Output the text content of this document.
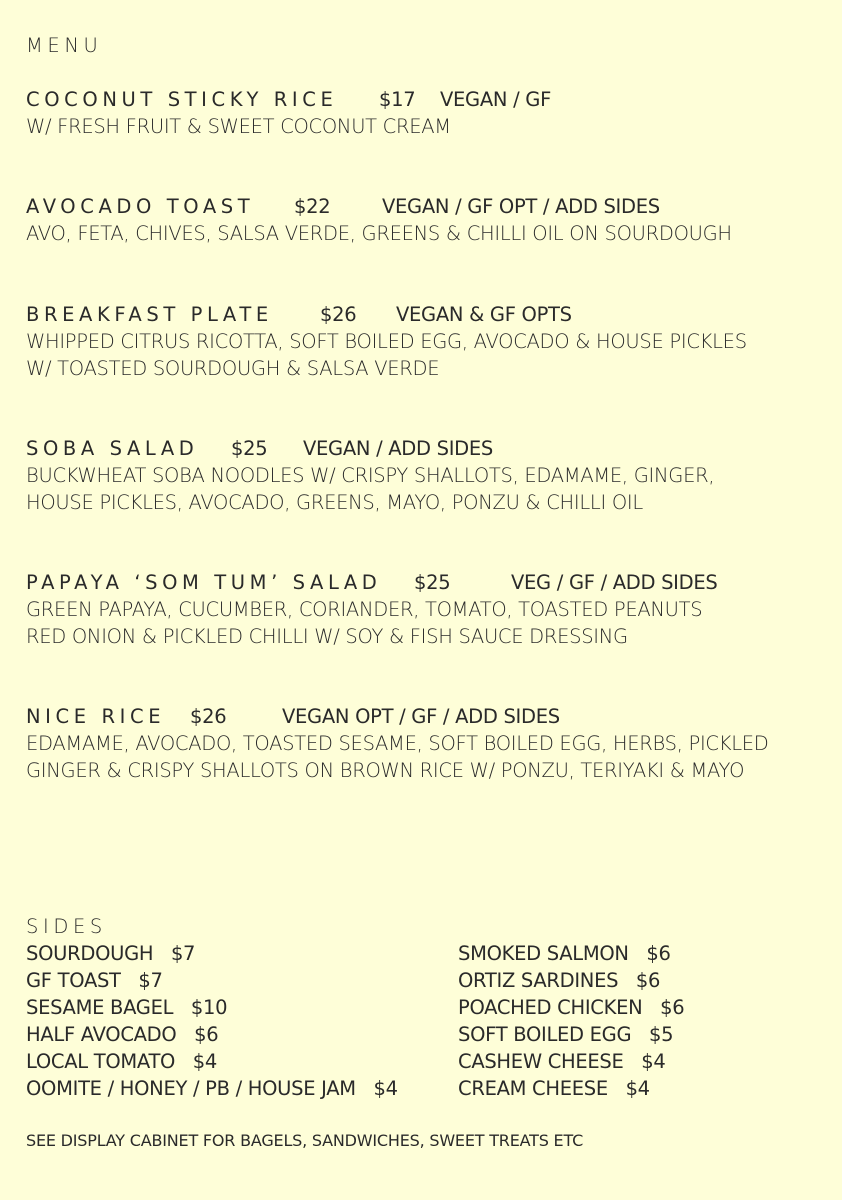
MENU
COCONUT STICKY RICE $17 VEGAN / GF
W/ FRESH FRUIT & SWEET COCONUT CREAM
AVOCADO TOAST $22	VEGAN / GF OPT / ADD SIDES
AVO, FETA, CHIVES, SALSA VERDE, GREENS & CHILLI OIL ON SOURDOUGH
BREAKFAST PLATE $26 VEGAN & GF OPTS
WHIPPED CITRUS RICOTTA, SOFT BOILED EGG, AVOCADO & HOUSE PICKLES
W/ TOASTED SOURDOUGH & SALSA VERDE
SOBA SALAD $25 VEGAN / ADD SIDES
BUCKWHEAT SOBA NOODLES W/ CRISPY SHALLOTS, EDAMAME, GINGER,
HOUSE PICKLES, AVOCADO, GREENS, MAYO, PONZU & CHILLI OIL
PAPAYA ‘SOM TUM’ SALAD $25	VEG / GF / ADD SIDES
GREEN PAPAYA, CUCUMBER, CORIANDER, TOMATO, TOASTED PEANUTS
RED ONION & PICKLED CHILLI W/ SOY & FISH SAUCE DRESSING
NICE RICE $26	VEGAN OPT / GF / ADD SIDES
EDAMAME, AVOCADO, TOASTED SESAME, SOFT BOILED EGG, HERBS, PICKLED
GINGER & CRISPY SHALLOTS ON BROWN RICE W/ PONZU, TERIYAKI & MAYO
SIDES
SOURDOUGH   $7
GF TOAST   $7
SESAME BAGEL   $10
HALF AVOCADO   $6
LOCAL TOMATO   $4
OOMITE / HONEY / PB / HOUSE JAM   $4
SMOKED SALMON   $6
ORTIZ SARDINES   $6
POACHED CHICKEN   $6
SOFT BOILED EGG   $5
CASHEW CHEESE   $4
CREAM CHEESE   $4
SEE DISPLAY CABINET FOR BAGELS, SANDWICHES, SWEET TREATS ETC
